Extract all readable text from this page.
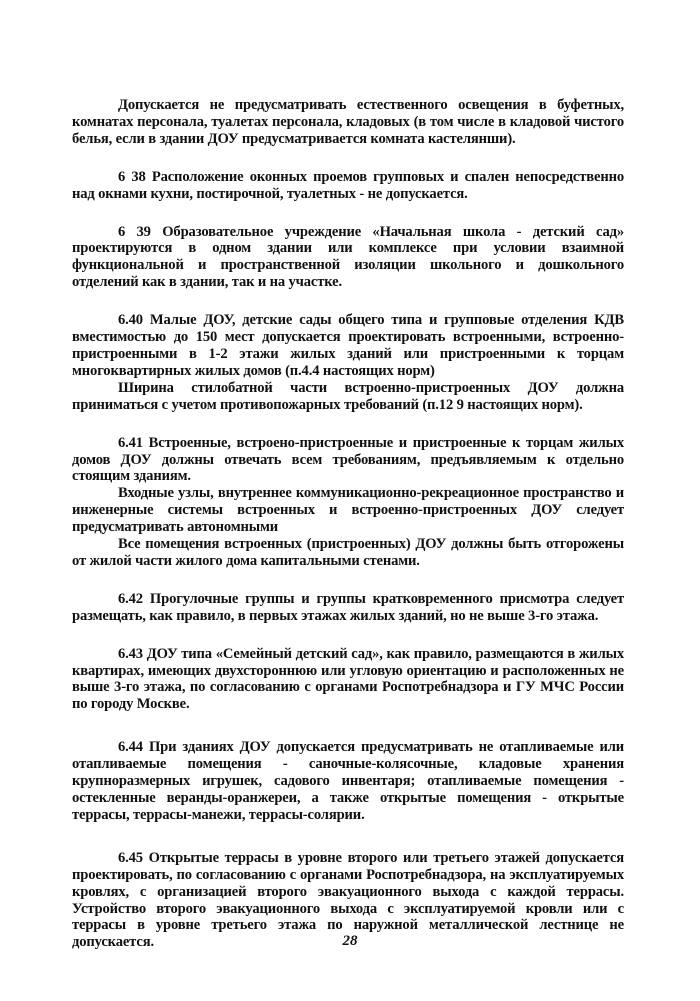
Допускается не предусматривать естественного освещения в буфетных, комнатах персонала, туалетах персонала, кладовых (в том числе в кладовой чистого белья, если в здании ДОУ предусматривается комната кастелянши).

6 38 Расположение оконных проемов групповых и спален непосредственно над окнами кухни, постирочной, туалетных - не допускается.

6 39 Образовательное учреждение «Начальная школа - детский сад» проектируются в одном здании или комплексе при условии взаимной функциональной и пространственной изоляции школьного и дошкольного отделений как в здании, так и на участке.

6.40 Малые ДОУ, детские сады общего типа и групповые отделения КДВ вместимостью до 150 мест допускается проектировать встроенными, встроенно-пристроенными в 1-2 этажи жилых зданий или пристроенными к торцам многоквартирных жилых домов (п.4.4 настоящих норм)

Ширина стилобатной части встроенно-пристроенных ДОУ должна приниматься с учетом противопожарных требований (п.12 9 настоящих норм).

6.41 Встроенные, встроено-пристроенные и пристроенные к торцам жилых домов ДОУ должны отвечать всем требованиям, предъявляемым к отдельно стоящим зданиям.

Входные узлы, внутреннее коммуникационно-рекреационное пространство и инженерные системы встроенных и встроенно-пристроенных ДОУ следует предусматривать автономными

Все помещения встроенных (пристроенных) ДОУ должны быть отгорожены от жилой части жилого дома капитальными стенами.

6.42 Прогулочные группы и группы кратковременного присмотра следует размещать, как правило, в первых этажах жилых зданий, но не выше 3-го этажа.

6.43 ДОУ типа «Семейный детский сад», как правило, размещаются в жилых квартирах, имеющих двухстороннюю или угловую ориентацию и расположенных не выше 3-го этажа, по согласованию с органами Роспотребнадзора и ГУ МЧС России по городу Москве.

6.44 При зданиях ДОУ допускается предусматривать не отапливаемые или отапливаемые помещения - саночные-колясочные, кладовые хранения крупноразмерных игрушек, садового инвентаря; отапливаемые помещения - остекленные веранды-оранжереи, а также открытые помещения - открытые террасы, террасы-манежи, террасы-солярии.

6.45 Открытые террасы в уровне второго или третьего этажей допускается проектировать, по согласованию с органами Роспотребнадзора, на эксплуатируемых кровлях, с организацией второго эвакуационного выхода с каждой террасы. Устройство второго эвакуационного выхода с эксплуатируемой кровли или с террасы в уровне третьего этажа по наружной металлической лестнице не допускается.	28
